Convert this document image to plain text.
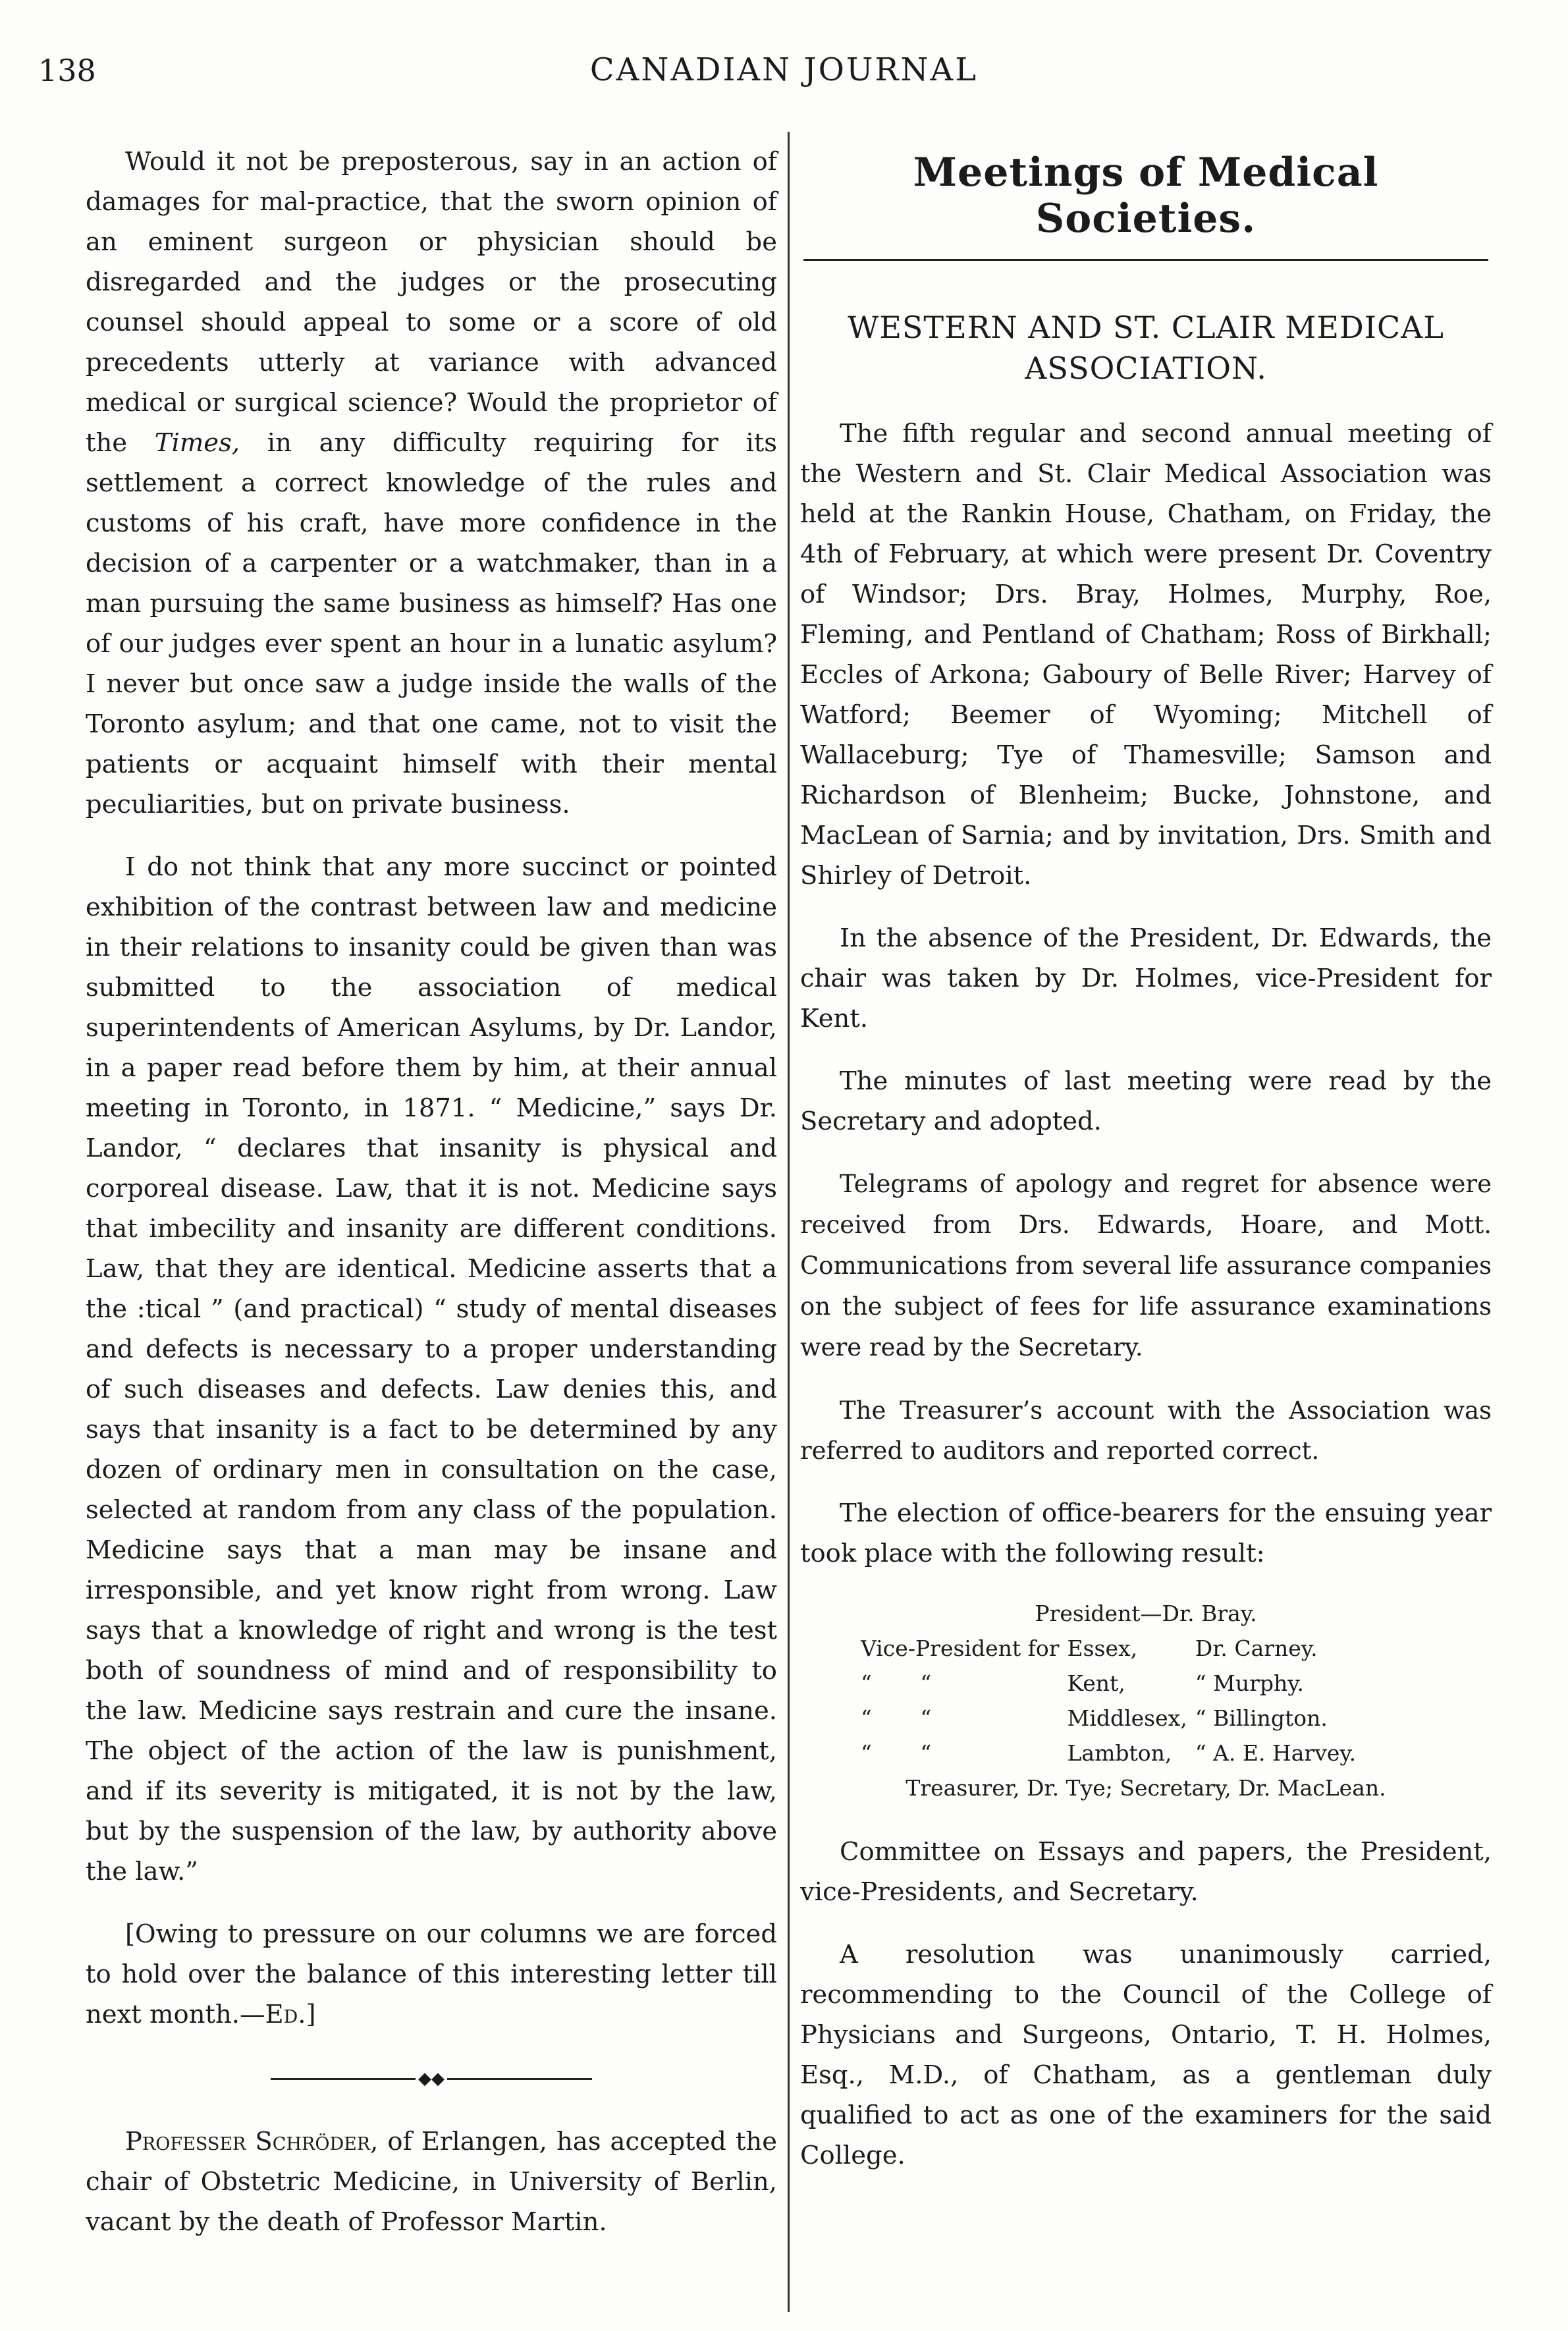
138	CANADIAN JOURNAL

Would it not be preposterous, say in an action of damages for mal-practice, that the sworn opinion of an eminent surgeon or physician should be disregarded and the judges or the prosecuting counsel should appeal to some or a score of old precedents utterly at variance with advanced medical or surgical science? Would the proprietor of the Times, in any difficulty requiring for its settlement a correct knowledge of the rules and customs of his craft, have more confidence in the decision of a carpenter or a watchmaker, than in a man pursuing the same business as himself? Has one of our judges ever spent an hour in a lunatic asylum? I never but once saw a judge inside the walls of the Toronto asylum; and that one came, not to visit the patients or acquaint himself with their mental peculiarities, but on private business.

I do not think that any more succinct or pointed exhibition of the contrast between law and medicine in their relations to insanity could be given than was submitted to the association of medical superintendents of American Asylums, by Dr. Landor, in a paper read before them by him, at their annual meeting in Toronto, in 1871. “ Medicine,” says Dr. Landor, “ declares that insanity is physical and corporeal disease. Law, that it is not. Medicine says that imbecility and insanity are different conditions. Law, that they are identical. Medicine asserts that a the :tical ” (and practical) “ study of mental diseases and defects is necessary to a proper understanding of such diseases and defects. Law denies this, and says that insanity is a fact to be determined by any dozen of ordinary men in consultation on the case, selected at random from any class of the population. Medicine says that a man may be insane and irresponsible, and yet know right from wrong. Law says that a knowledge of right and wrong is the test both of soundness of mind and of responsibility to the law. Medicine says restrain and cure the insane. The object of the action of the law is punishment, and if its severity is mitigated, it is not by the law, but by the suspension of the law, by authority above the law.”

[Owing to pressure on our columns we are forced to hold over the balance of this interesting letter till next month.—Ed.]

◆◆

Professer Schröder, of Erlangen, has accepted the chair of Obstetric Medicine, in University of Berlin, vacant by the death of Professor Martin.

Meetings of Medical Societies.
WESTERN AND ST. CLAIR MEDICAL ASSOCIATION.

The fifth regular and second annual meeting of the Western and St. Clair Medical Association was held at the Rankin House, Chatham, on Friday, the 4th of February, at which were present Dr. Coventry of Windsor; Drs. Bray, Holmes, Murphy, Roe, Fleming, and Pentland of Chatham; Ross of Birkhall; Eccles of Arkona; Gaboury of Belle River; Harvey of Watford; Beemer of Wyoming; Mitchell of Wallaceburg; Tye of Thamesville; Samson and Richardson of Blenheim; Bucke, Johnstone, and MacLean of Sarnia; and by invitation, Drs. Smith and Shirley of Detroit.

In the absence of the President, Dr. Edwards, the chair was taken by Dr. Holmes, vice-President for Kent.

The minutes of last meeting were read by the Secretary and adopted.

Telegrams of apology and regret for absence were received from Drs. Edwards, Hoare, and Mott. Communications from several life assurance companies on the subject of fees for life assurance examinations were read by the Secretary.

The Treasurer’s account with the Association was referred to auditors and reported correct.

The election of office-bearers for the ensuing year took place with the following result:

President—Dr. Bray.
Vice-President for	Essex,	Dr. Carney.
“ “	Kent,	“ Murphy.
“ “	Middlesex,	“ Billington.
“ “	Lambton,	“ A. E. Harvey.
Treasurer, Dr. Tye; Secretary, Dr. MacLean.

Committee on Essays and papers, the President, vice-Presidents, and Secretary.

A resolution was unanimously carried, recommending to the Council of the College of Physicians and Surgeons, Ontario, T. H. Holmes, Esq., M.D., of Chatham, as a gentleman duly qualified to act as one of the examiners for the said College.
